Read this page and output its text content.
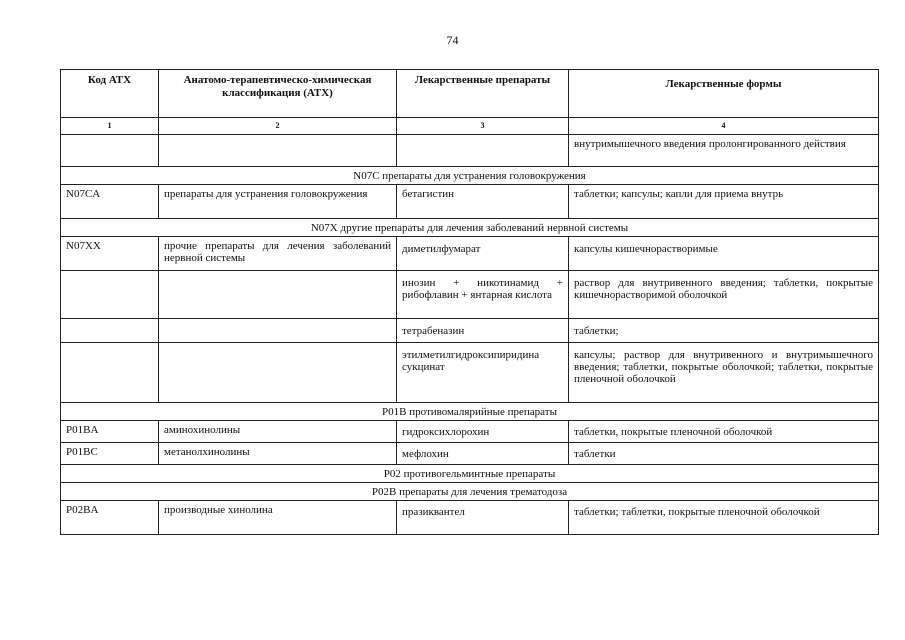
74
Код АТХ	Анатомо-терапевтическо-химическая классификация (АТХ)	Лекарственные препараты	Лекарственные формы
1	2	3	4
			внутримышечного введения пролонгированного действия
N07C препараты для устранения головокружения			
N07CA	препараты для устранения головокружения	бетагистин	таблетки; капсулы; капли для приема внутрь
N07X другие препараты для лечения заболеваний нервной системы			
N07XX	прочие препараты для лечения заболеваний нервной системы	диметилфумарат	капсулы кишечнорастворимые
		инозин + никотинамид + рибофлавин + янтарная кислота	раствор для внутривенного введения; таблетки, покрытые кишечнорастворимой оболочкой
		тетрабеназин	таблетки;
		этилметилгидроксипиридина сукцинат	капсулы; раствор для внутривенного и внутримышечного введения; таблетки, покрытые оболочкой; таблетки, покрытые пленочной оболочкой
P01B противомалярийные препараты			
P01BA	аминохинолины	гидроксихлорохин	таблетки, покрытые пленочной оболочкой
P01BC	метанолхинолины	мефлохин	таблетки
P02 противогельминтные препараты			
P02B препараты для лечения трематодоза			
P02BA	производные хинолина	празиквантел	таблетки; таблетки, покрытые пленочной оболочкой
